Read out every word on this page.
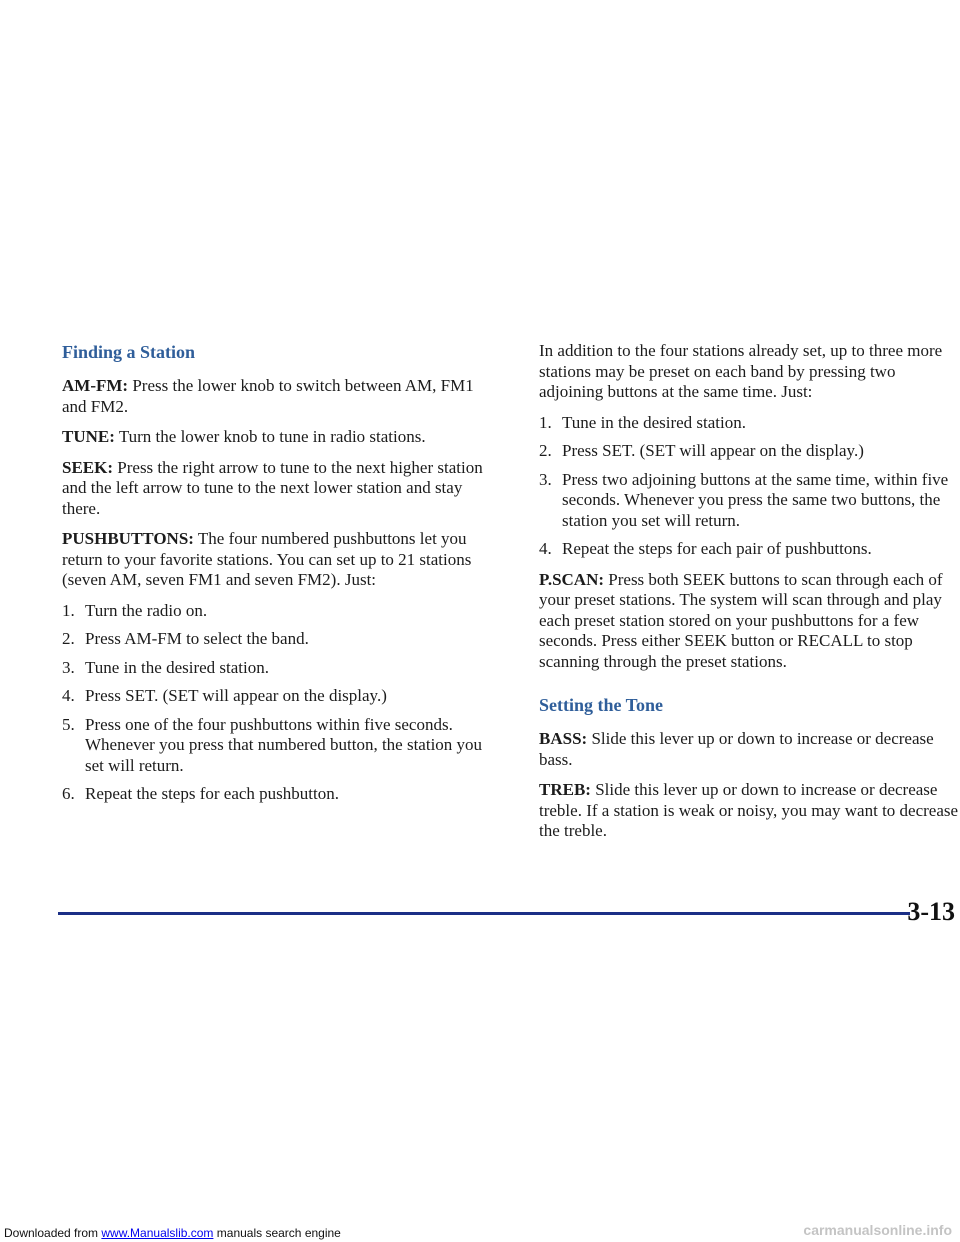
Finding a Station

AM-FM: Press the lower knob to switch between AM, FM1 and FM2.

TUNE: Turn the lower knob to tune in radio stations.

SEEK: Press the right arrow to tune to the next higher station and the left arrow to tune to the next lower station and stay there.

PUSHBUTTONS: The four numbered pushbuttons let you return to your favorite stations. You can set up to 21 stations (seven AM, seven FM1 and seven FM2). Just:

1. Turn the radio on.
2. Press AM-FM to select the band.
3. Tune in the desired station.
4. Press SET. (SET will appear on the display.)
5. Press one of the four pushbuttons within five seconds. Whenever you press that numbered button, the station you set will return.
6. Repeat the steps for each pushbutton.

In addition to the four stations already set, up to three more stations may be preset on each band by pressing two adjoining buttons at the same time. Just:

1. Tune in the desired station.
2. Press SET. (SET will appear on the display.)
3. Press two adjoining buttons at the same time, within five seconds. Whenever you press the same two buttons, the station you set will return.
4. Repeat the steps for each pair of pushbuttons.

P.SCAN: Press both SEEK buttons to scan through each of your preset stations. The system will scan through and play each preset station stored on your pushbuttons for a few seconds. Press either SEEK button or RECALL to stop scanning through the preset stations.

Setting the Tone

BASS: Slide this lever up or down to increase or decrease bass.

TREB: Slide this lever up or down to increase or decrease treble. If a station is weak or noisy, you may want to decrease the treble.

3-13
Downloaded from www.Manualslib.com manuals search engine	carmanualsonline.info
